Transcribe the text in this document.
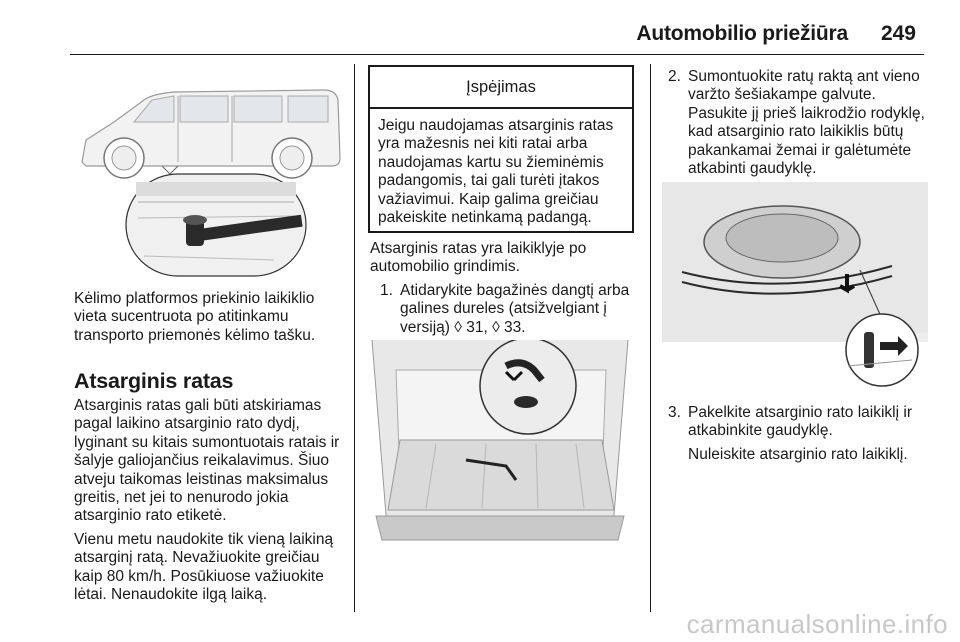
Automobilio priežiūra 249

Kėlimo platformos priekinio laikiklio vieta sucentruota po atitinkamu transporto priemonės kėlimo tašku.

Atsarginis ratas

Atsarginis ratas gali būti atskiriamas pagal laikino atsarginio rato dydį, lyginant su kitais sumontuotais ratais ir šalyje galiojančius reikalavimus. Šiuo atveju taikomas leistinas maksimalus greitis, net jei to nenurodo jokia atsarginio rato etiketė.

Vienu metu naudokite tik vieną laikiną atsarginį ratą. Nevažiuokite greičiau kaip 80 km/h. Posūkiuose važiuokite lėtai. Nenaudokite ilgą laiką.

Įspėjimas
Jeigu naudojamas atsarginis ratas yra mažesnis nei kiti ratai arba naudojamas kartu su žieminėmis padangomis, tai gali turėti įtakos važiavimui. Kaip galima greičiau pakeiskite netinkamą padangą.

Atsarginis ratas yra laikiklyje po automobilio grindimis.

1. Atidarykite bagažinės dangtį arba galines dureles (atsižvelgiant į versiją) ◊ 31, ◊ 33.
2. Sumontuokite ratų raktą ant vieno varžto šešiakampe galvute. Pasukite jį prieš laikrodžio rodyklę, kad atsarginio rato laikiklis būtų pakankamai žemai ir galėtumėte atkabinti gaudyklę.
3. Pakelkite atsarginio rato laikiklį ir atkabinkite gaudyklę.

Nuleiskite atsarginio rato laikiklį.

carmanualsonline.info
